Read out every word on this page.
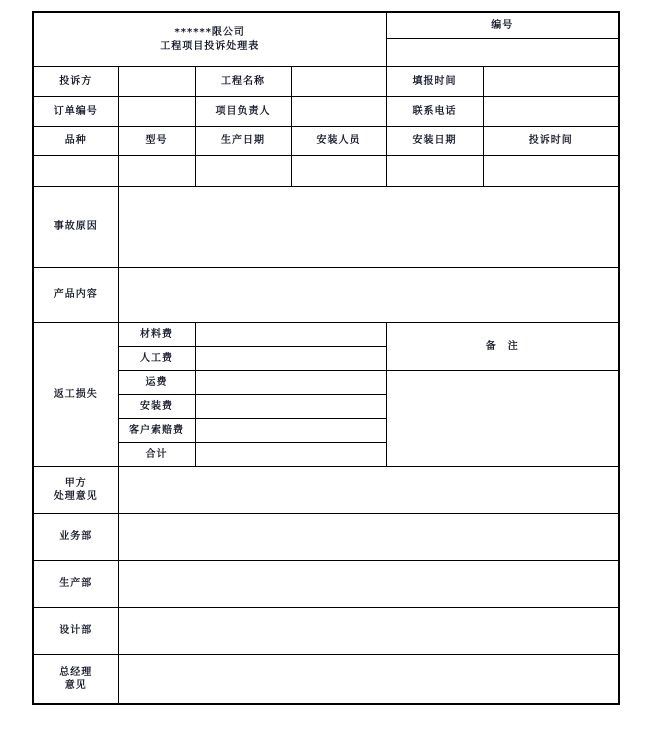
******限公司
工程项目投诉处理表				编号	

投诉方		工程名称		填报时间	
订单编号		项目负责人		联系电话	
品种	型号	生产日期	安装人员	安装日期	投诉时间

事故原因					
产品内容					
返工损失	材料费			备　注	
	人工费				
	运费				
	安装费				
	客户索赔费				
	合计				

甲方
处理意见					

业务部					
生产部					
设计部					

总经理
意见					
